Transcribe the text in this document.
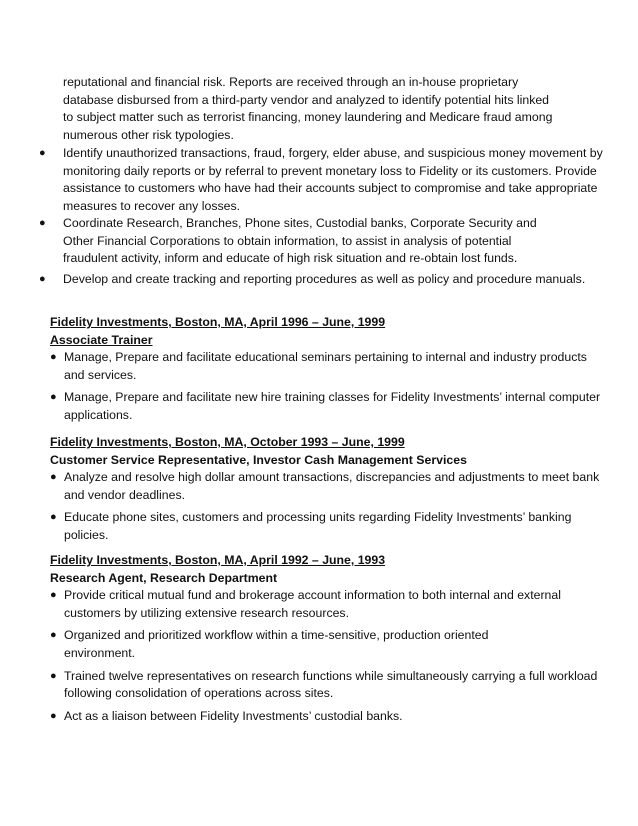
reputational and financial risk. Reports are received through an in-house proprietary
database disbursed from a third-party vendor and analyzed to identify potential hits linked
to subject matter such as terrorist financing, money laundering and Medicare fraud among
numerous other risk typologies.
● Identify unauthorized transactions, fraud, forgery, elder abuse, and suspicious money movement by
monitoring daily reports or by referral to prevent monetary loss to Fidelity or its customers. Provide
assistance to customers who have had their accounts subject to compromise and take appropriate
measures to recover any losses.
● Coordinate Research, Branches, Phone sites, Custodial banks, Corporate Security and
Other Financial Corporations to obtain information, to assist in analysis of potential
fraudulent activity, inform and educate of high risk situation and re-obtain lost funds.
● Develop and create tracking and reporting procedures as well as policy and procedure manuals.
Fidelity Investments, Boston, MA, April 1996 – June, 1999
Associate Trainer
● Manage, Prepare and facilitate educational seminars pertaining to internal and industry products
and services.
● Manage, Prepare and facilitate new hire training classes for Fidelity Investments’ internal computer
applications.
Fidelity Investments, Boston, MA, October 1993 – June, 1999
Customer Service Representative, Investor Cash Management Services
● Analyze and resolve high dollar amount transactions, discrepancies and adjustments to meet bank
and vendor deadlines.
● Educate phone sites, customers and processing units regarding Fidelity Investments’ banking
policies.
Fidelity Investments, Boston, MA, April 1992 – June, 1993
Research Agent, Research Department
● Provide critical mutual fund and brokerage account information to both internal and external
customers by utilizing extensive research resources.
● Organized and prioritized workflow within a time-sensitive, production oriented
environment.
● Trained twelve representatives on research functions while simultaneously carrying a full workload
following consolidation of operations across sites.
● Act as a liaison between Fidelity Investments’ custodial banks.
